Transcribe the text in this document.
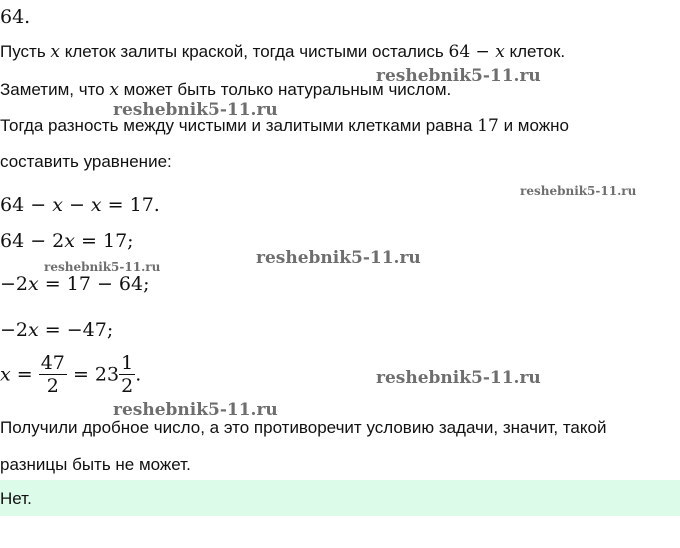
64.
Пусть x клеток залиты краской, тогда чистыми остались 64 − x клеток.
reshebnik5-11.ru
Заметим, что x может быть только натуральным числом.
reshebnik5-11.ru
Тогда разность между чистыми и залитыми клетками равна 17 и можно
составить уравнение:
reshebnik5-11.ru
64 − x − x = 17.
64 − 2x = 17;
reshebnik5-11.ru
reshebnik5-11.ru
−2x = 17 − 64;
−2x = −47;
$x = \frac{47}{2} = 23 \frac{1}{2}$ .	reshebnik5-11.ru
reshebnik5-11.ru
Получили дробное число, а это противоречит условию задачи, значит, такой
разницы быть не может.
Нет.
